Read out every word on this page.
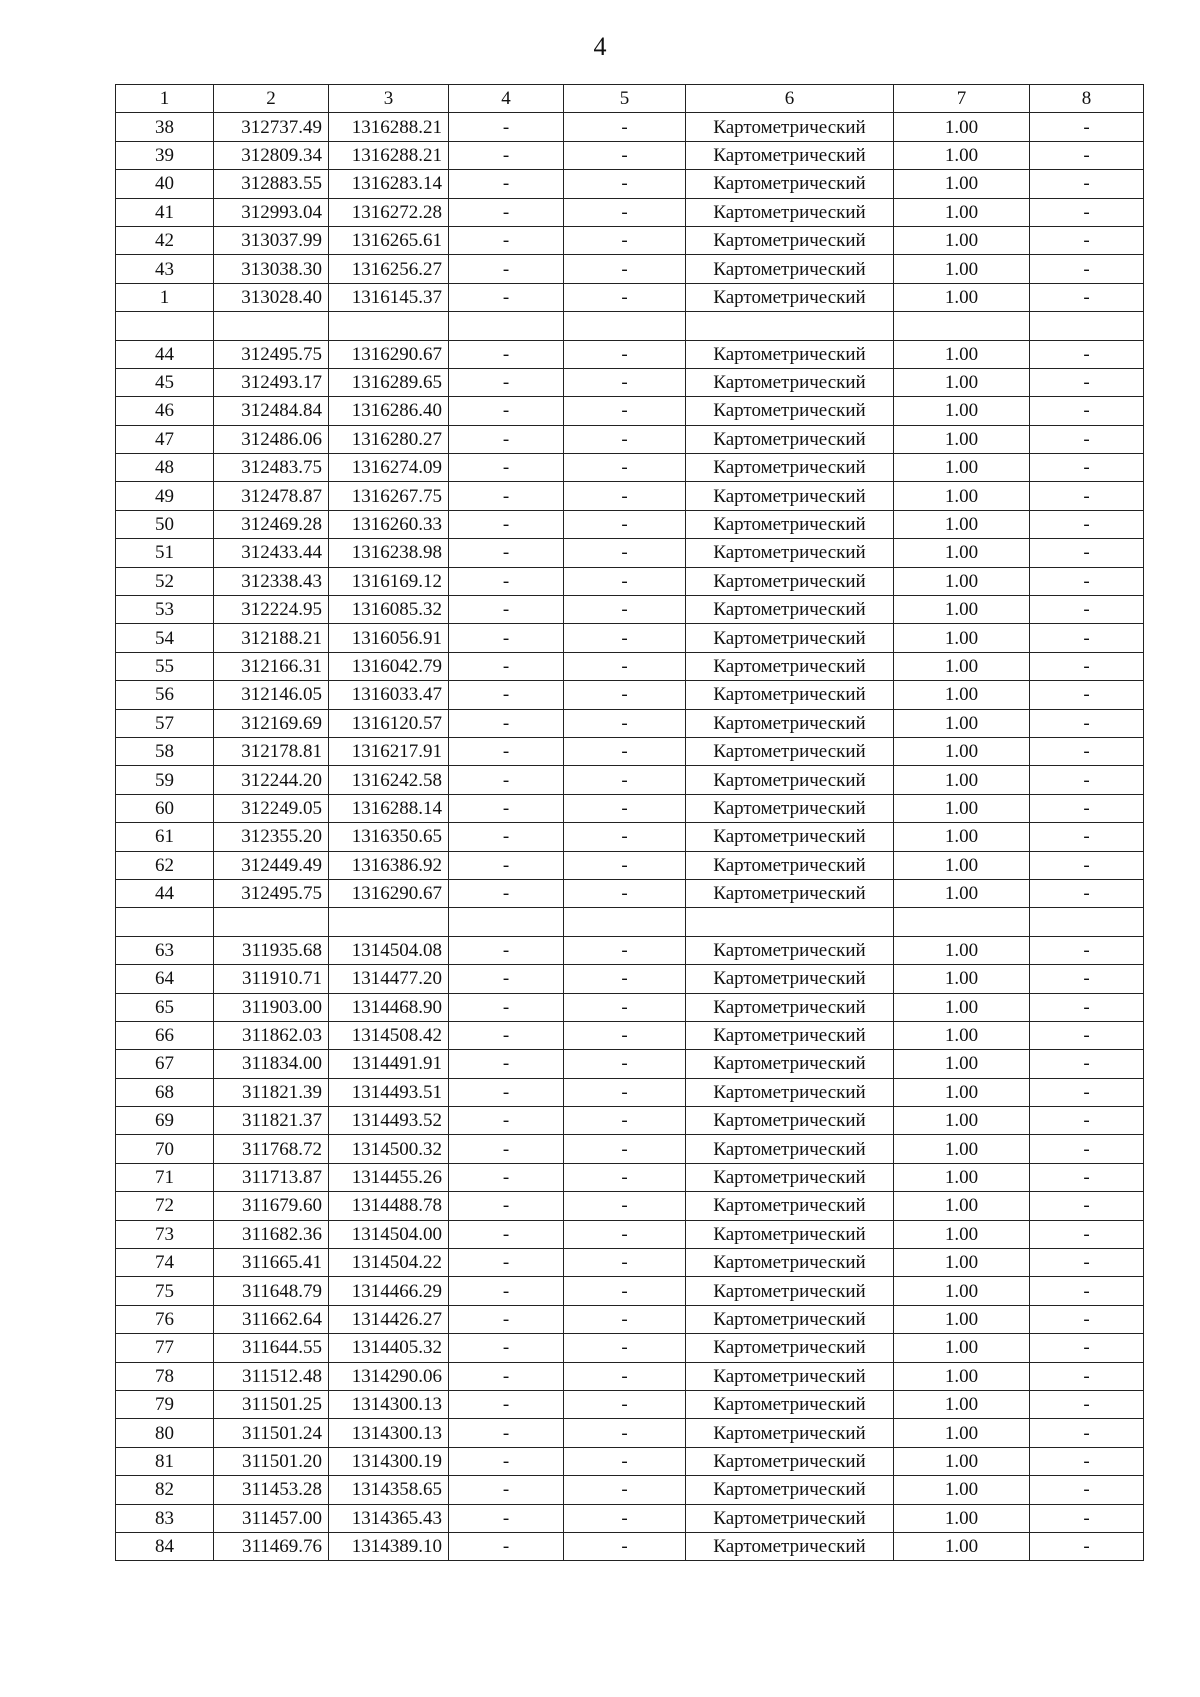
4
1	2	3	4	5	6	7	8
38	312737.49	1316288.21	-	-	Картометрический	1.00	-
39	312809.34	1316288.21	-	-	Картометрический	1.00	-
40	312883.55	1316283.14	-	-	Картометрический	1.00	-
41	312993.04	1316272.28	-	-	Картометрический	1.00	-
42	313037.99	1316265.61	-	-	Картометрический	1.00	-
43	313038.30	1316256.27	-	-	Картометрический	1.00	-
1	313028.40	1316145.37	-	-	Картометрический	1.00	-

44	312495.75	1316290.67	-	-	Картометрический	1.00	-
45	312493.17	1316289.65	-	-	Картометрический	1.00	-
46	312484.84	1316286.40	-	-	Картометрический	1.00	-
47	312486.06	1316280.27	-	-	Картометрический	1.00	-
48	312483.75	1316274.09	-	-	Картометрический	1.00	-
49	312478.87	1316267.75	-	-	Картометрический	1.00	-
50	312469.28	1316260.33	-	-	Картометрический	1.00	-
51	312433.44	1316238.98	-	-	Картометрический	1.00	-
52	312338.43	1316169.12	-	-	Картометрический	1.00	-
53	312224.95	1316085.32	-	-	Картометрический	1.00	-
54	312188.21	1316056.91	-	-	Картометрический	1.00	-
55	312166.31	1316042.79	-	-	Картометрический	1.00	-
56	312146.05	1316033.47	-	-	Картометрический	1.00	-
57	312169.69	1316120.57	-	-	Картометрический	1.00	-
58	312178.81	1316217.91	-	-	Картометрический	1.00	-
59	312244.20	1316242.58	-	-	Картометрический	1.00	-
60	312249.05	1316288.14	-	-	Картометрический	1.00	-
61	312355.20	1316350.65	-	-	Картометрический	1.00	-
62	312449.49	1316386.92	-	-	Картометрический	1.00	-
44	312495.75	1316290.67	-	-	Картометрический	1.00	-

63	311935.68	1314504.08	-	-	Картометрический	1.00	-
64	311910.71	1314477.20	-	-	Картометрический	1.00	-
65	311903.00	1314468.90	-	-	Картометрический	1.00	-
66	311862.03	1314508.42	-	-	Картометрический	1.00	-
67	311834.00	1314491.91	-	-	Картометрический	1.00	-
68	311821.39	1314493.51	-	-	Картометрический	1.00	-
69	311821.37	1314493.52	-	-	Картометрический	1.00	-
70	311768.72	1314500.32	-	-	Картометрический	1.00	-
71	311713.87	1314455.26	-	-	Картометрический	1.00	-
72	311679.60	1314488.78	-	-	Картометрический	1.00	-
73	311682.36	1314504.00	-	-	Картометрический	1.00	-
74	311665.41	1314504.22	-	-	Картометрический	1.00	-
75	311648.79	1314466.29	-	-	Картометрический	1.00	-
76	311662.64	1314426.27	-	-	Картометрический	1.00	-
77	311644.55	1314405.32	-	-	Картометрический	1.00	-
78	311512.48	1314290.06	-	-	Картометрический	1.00	-
79	311501.25	1314300.13	-	-	Картометрический	1.00	-
80	311501.24	1314300.13	-	-	Картометрический	1.00	-
81	311501.20	1314300.19	-	-	Картометрический	1.00	-
82	311453.28	1314358.65	-	-	Картометрический	1.00	-
83	311457.00	1314365.43	-	-	Картометрический	1.00	-
84	311469.76	1314389.10	-	-	Картометрический	1.00	-
